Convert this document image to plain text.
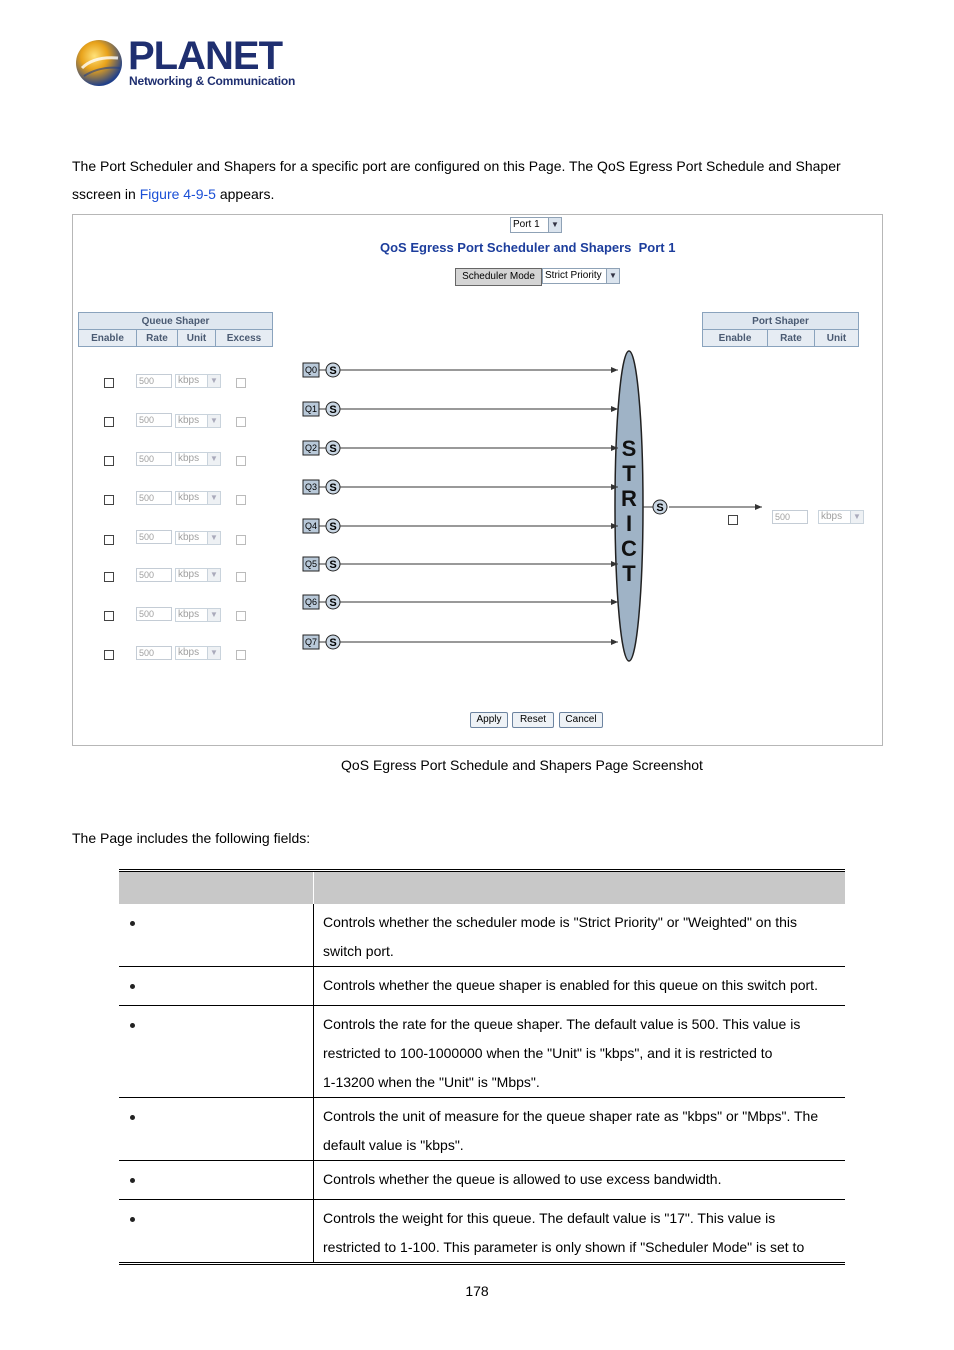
PLANET
Networking & Communication
The Port Scheduler and Shapers for a specific port are configured on this Page. The QoS Egress Port Schedule and Shaper
sscreen in Figure 4-9-5 appears.
Port 1	▼
QoS Egress Port Scheduler and Shapers  Port 1
Scheduler Mode	Strict Priority ▼
Queue Shaper
Enable	Rate	Unit	Excess
Port Shaper
Enable	Rate	Unit
500	kbps	▼
500	kbps	▼
500	kbps	▼
500	kbps	▼
500	kbps	▼
500	kbps	▼
500	kbps	▼
500	kbps	▼
Q0 S
Q1 S
Q2 S
Q3 S
Q4 S
Q5 S
Q6 S
Q7 S
S
T
R
I
C
T
S
500	kbps	▼
Apply	Reset	Cancel
QoS Egress Port Schedule and Shapers Page Screenshot
The Page includes the following fields:

	Controls whether the scheduler mode is "Strict Priority" or "Weighted" on this
switch port.
	Controls whether the queue shaper is enabled for this queue on this switch port.
	Controls the rate for the queue shaper. The default value is 500. This value is
restricted to 100-1000000 when the "Unit" is "kbps", and it is restricted to
1-13200 when the "Unit" is "Mbps".
	Controls the unit of measure for the queue shaper rate as "kbps" or "Mbps". The
default value is "kbps".
	Controls whether the queue is allowed to use excess bandwidth.
	Controls the weight for this queue. The default value is "17". This value is
restricted to 1-100. This parameter is only shown if "Scheduler Mode" is set to
178
